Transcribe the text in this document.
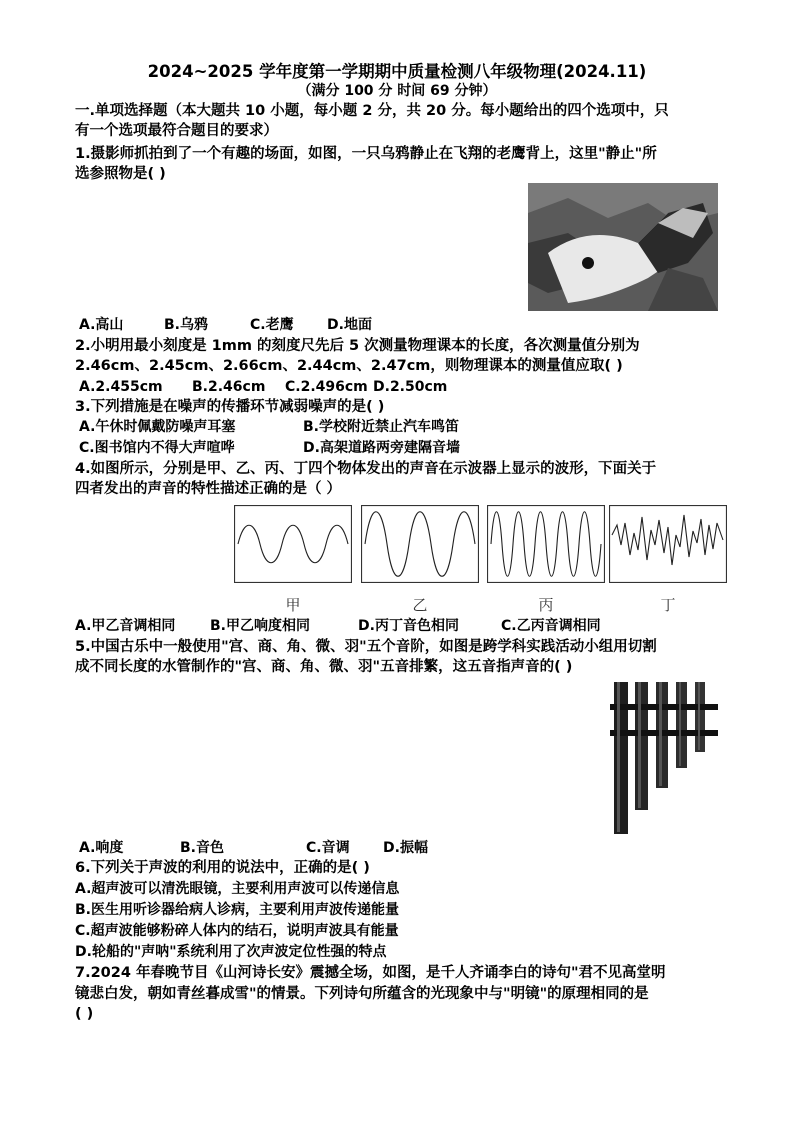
2024~2025 学年度第一学期期中质量检测八年级物理(2024.11)
（满分 100 分 时间 69 分钟）
一.单项选择题（本大题共 10 小题，每小题 2 分，共 20 分。每小题给出的四个选项中，只
有一个选项最符合题目的要求）
1.摄影师抓拍到了一个有趣的场面，如图，一只乌鸦静止在飞翔的老鹰背上，这里"静止"所
选参照物是( )
A.高山	B.乌鸦	C.老鹰 D.地面
2.小明用最小刻度是 1mm 的刻度尺先后 5 次测量物理课本的长度，各次测量值分别为
2.46cm、2.45cm、2.66cm、2.44cm、2.47cm，则物理课本的测量值应取( )
A.2.455cm B.2.46cm C.2.496cm D.2.50cm
3.下列措施是在噪声的传播环节减弱噪声的是( )
A.午休时佩戴防噪声耳塞	B.学校附近禁止汽车鸣笛
C.图书馆内不得大声喧哗	D.高架道路两旁建隔音墙
4.如图所示，分别是甲、乙、丙、丁四个物体发出的声音在示波器上显示的波形，下面关于
四者发出的声音的特性描述正确的是（ ）
甲	乙	丙	丁
A.甲乙音调相同 B.甲乙响度相同	D.丙丁音色相同	C.乙丙音调相同
5.中国古乐中一般使用"宫、商、角、微、羽"五个音阶，如图是跨学科实践活动小组用切割
成不同长度的水管制作的"宫、商、角、微、羽"五音排繁，这五音指声音的( )
A.响度	B.音色	C.音调 D.振幅
6.下列关于声波的利用的说法中，正确的是( )
A.超声波可以清洗眼镜，主要利用声波可以传递信息
B.医生用听诊器给病人诊病，主要利用声波传递能量
C.超声波能够粉碎人体内的结石，说明声波具有能量
D.轮船的"声呐"系统利用了次声波定位性强的特点
7.2024 年春晚节目《山河诗长安》震撼全场，如图，是千人齐诵李白的诗句"君不见高堂明
镜悲白发，朝如青丝暮成雪"的情景。下列诗句所蕴含的光现象中与"明镜"的原理相同的是
( )
